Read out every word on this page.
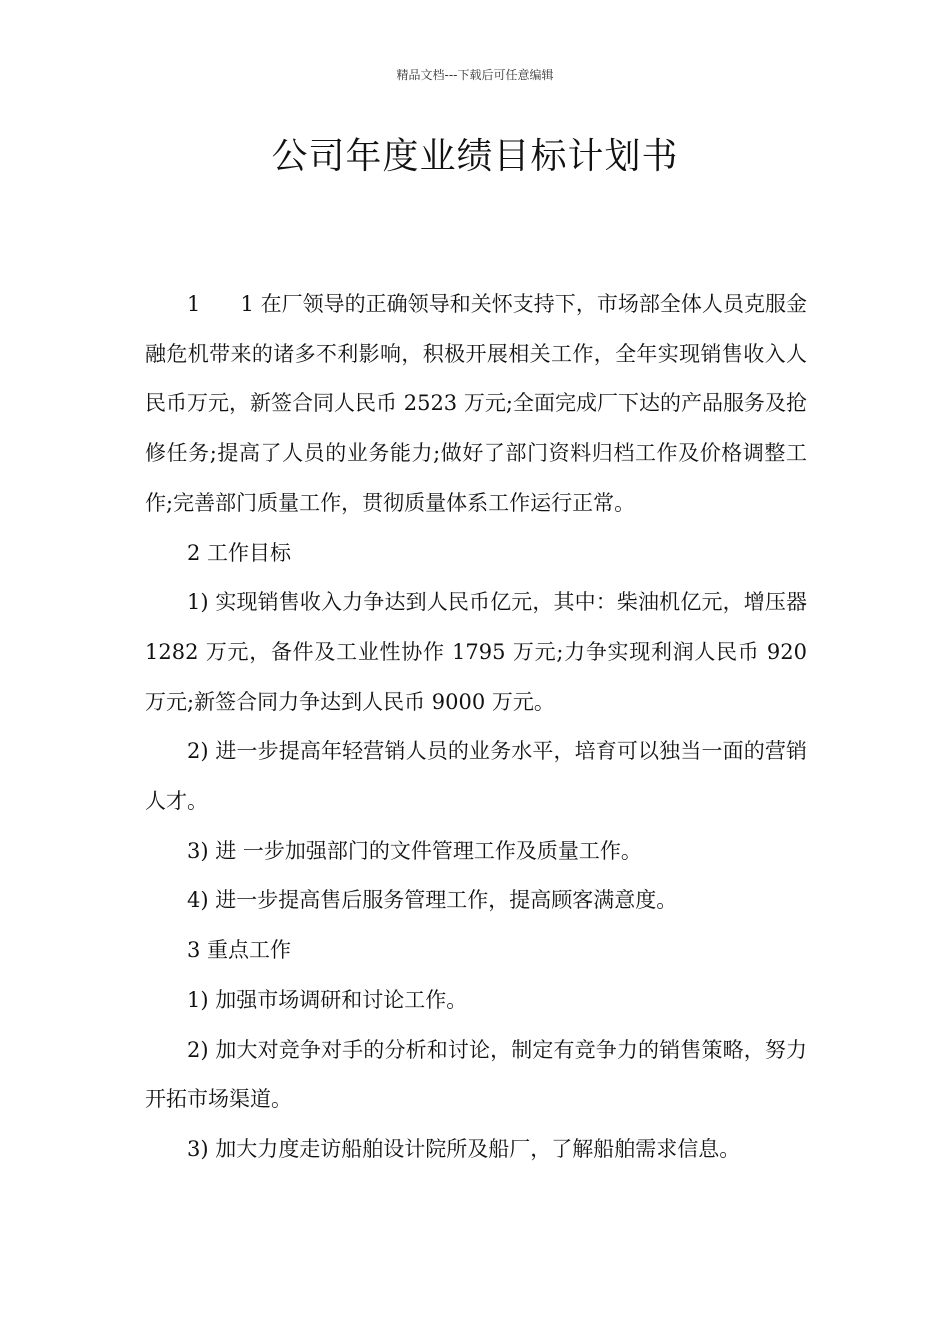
精品文档---下载后可任意编辑
公司年度业绩目标计划书

1      1 在厂领导的正确领导和关怀支持下，市场部全体人员克服金融危机带来的诸多不利影响，积极开展相关工作，全年实现销售收入人民币万元，新签合同人民币 2523 万元;全面完成厂下达的产品服务及抢修任务;提高了人员的业务能力;做好了部门资料归档工作及价格调整工作;完善部门质量工作，贯彻质量体系工作运行正常。

2 工作目标

1) 实现销售收入力争达到人民币亿元，其中：柴油机亿元，增压器 1282 万元，备件及工业性协作 1795 万元;力争实现利润人民币 920 万元;新签合同力争达到人民币 9000 万元。

2) 进一步提高年轻营销人员的业务水平，培育可以独当一面的营销人才。

3) 进 一步加强部门的文件管理工作及质量工作。

4) 进一步提高售后服务管理工作，提高顾客满意度。

3 重点工作

1) 加强市场调研和讨论工作。

2) 加大对竞争对手的分析和讨论，制定有竞争力的销售策略，努力开拓市场渠道。

3) 加大力度走访船舶设计院所及船厂，了解船舶需求信息。
